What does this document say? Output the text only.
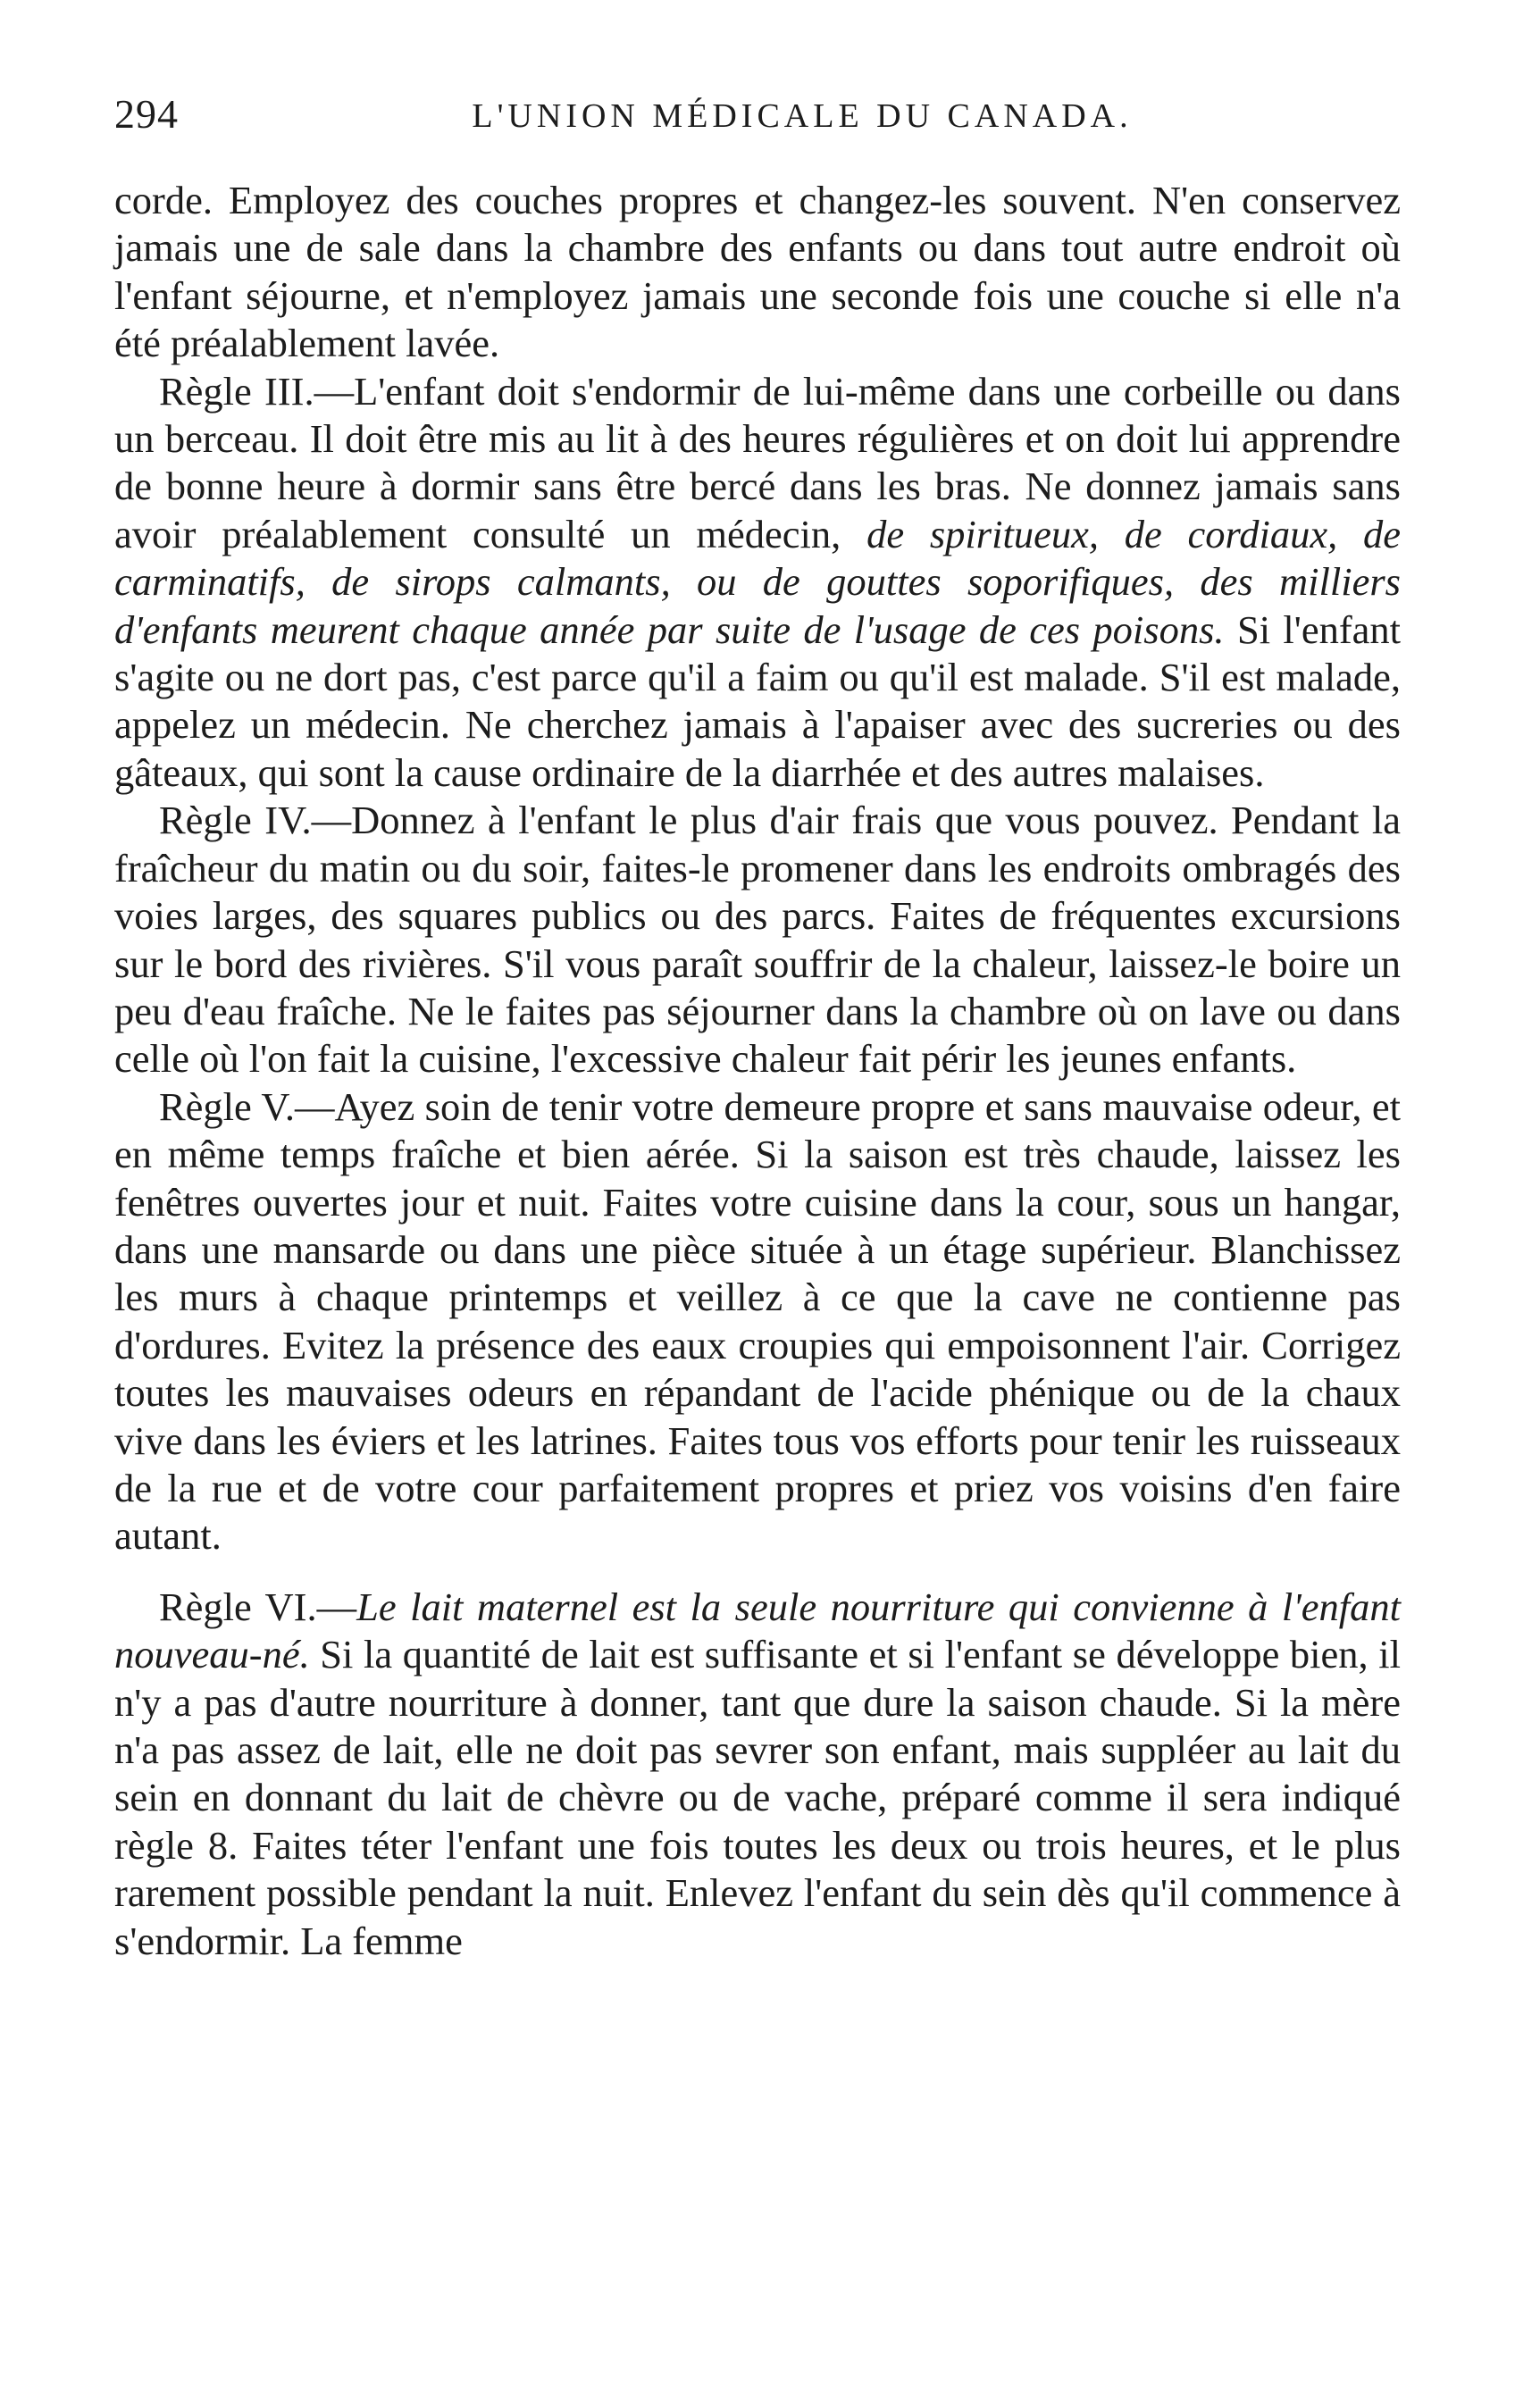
294	L'UNION MÉDICALE DU CANADA.

corde. Employez des couches propres et changez-les souvent. N'en conservez jamais une de sale dans la chambre des enfants ou dans tout autre endroit où l'enfant séjourne, et n'employez jamais une seconde fois une couche si elle n'a été préalablement lavée.

Règle III.—L'enfant doit s'endormir de lui-même dans une corbeille ou dans un berceau. Il doit être mis au lit à des heures régulières et on doit lui apprendre de bonne heure à dormir sans être bercé dans les bras. Ne donnez jamais sans avoir préalablement consulté un médecin, de spiritueux, de cordiaux, de carminatifs, de sirops calmants, ou de gouttes soporifiques, des milliers d'enfants meurent chaque année par suite de l'usage de ces poisons. Si l'enfant s'agite ou ne dort pas, c'est parce qu'il a faim ou qu'il est malade. S'il est malade, appelez un médecin. Ne cherchez jamais à l'apaiser avec des sucreries ou des gâteaux, qui sont la cause ordinaire de la diarrhée et des autres malaises.

Règle IV.—Donnez à l'enfant le plus d'air frais que vous pouvez. Pendant la fraîcheur du matin ou du soir, faites-le promener dans les endroits ombragés des voies larges, des squares publics ou des parcs. Faites de fréquentes excursions sur le bord des rivières. S'il vous paraît souffrir de la chaleur, laissez-le boire un peu d'eau fraîche. Ne le faites pas séjourner dans la chambre où on lave ou dans celle où l'on fait la cuisine, l'excessive chaleur fait périr les jeunes enfants.

Règle V.—Ayez soin de tenir votre demeure propre et sans mauvaise odeur, et en même temps fraîche et bien aérée. Si la saison est très chaude, laissez les fenêtres ouvertes jour et nuit. Faites votre cuisine dans la cour, sous un hangar, dans une mansarde ou dans une pièce située à un étage supérieur. Blanchissez les murs à chaque printemps et veillez à ce que la cave ne contienne pas d'ordures. Evitez la présence des eaux croupies qui empoisonnent l'air. Corrigez toutes les mauvaises odeurs en répandant de l'acide phénique ou de la chaux vive dans les éviers et les latrines. Faites tous vos efforts pour tenir les ruisseaux de la rue et de votre cour parfaitement propres et priez vos voisins d'en faire autant.

Règle VI.—Le lait maternel est la seule nourriture qui convienne à l'enfant nouveau-né. Si la quantité de lait est suffisante et si l'enfant se développe bien, il n'y a pas d'autre nourriture à donner, tant que dure la saison chaude. Si la mère n'a pas assez de lait, elle ne doit pas sevrer son enfant, mais suppléer au lait du sein en donnant du lait de chèvre ou de vache, préparé comme il sera indiqué règle 8. Faites téter l'enfant une fois toutes les deux ou trois heures, et le plus rarement possible pendant la nuit. Enlevez l'enfant du sein dès qu'il commence à s'endormir. La femme
